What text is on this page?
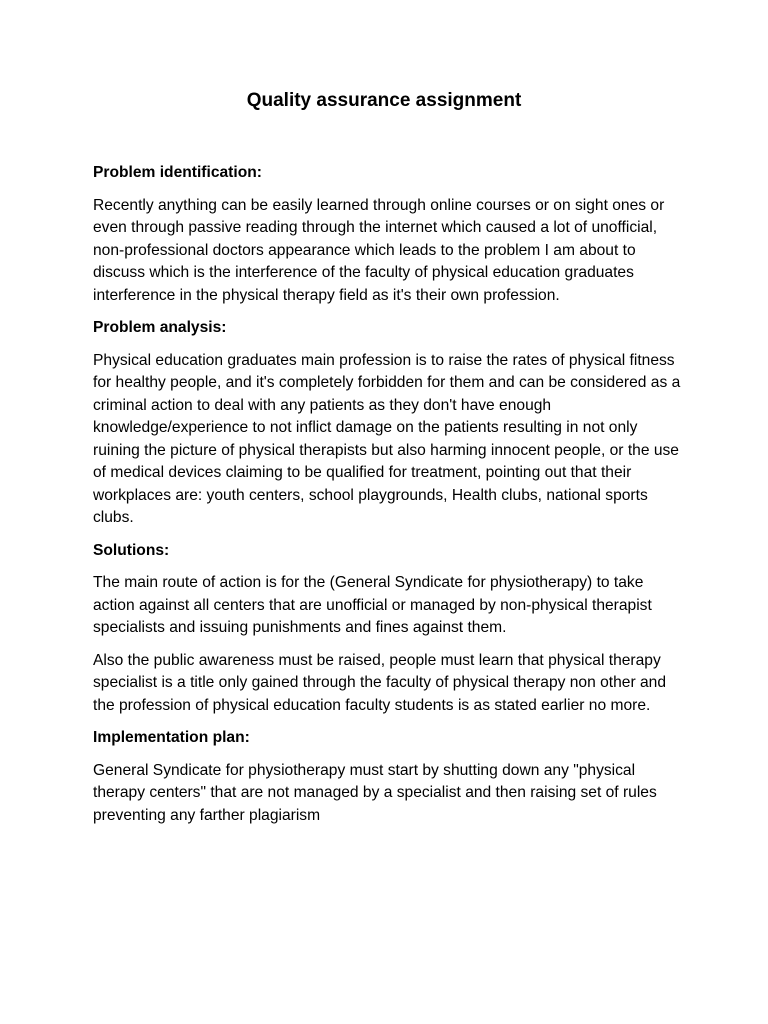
Quality assurance assignment

Problem identification:

Recently anything can be easily learned through online courses or on sight ones or even through passive reading through the internet which caused a lot of unofficial, non-professional doctors appearance which leads to the problem I am about to discuss which is the interference of the faculty of physical education graduates interference in the physical therapy field as it's their own profession.

Problem analysis:

Physical education graduates main profession is to raise the rates of physical fitness for healthy people, and it's completely forbidden for them and can be considered as a criminal action to deal with any patients as they don't have enough knowledge/experience to not inflict damage on the patients resulting in not only ruining the picture of physical therapists but also harming innocent people, or the use of medical devices claiming to be qualified for treatment, pointing out that their workplaces are: youth centers, school playgrounds, Health clubs, national sports clubs.

Solutions:

The main route of action is for the (General Syndicate for physiotherapy) to take action against all centers that are unofficial or managed by non-physical therapist specialists and issuing punishments and fines against them.

Also the public awareness must be raised, people must learn that physical therapy specialist is a title only gained through the faculty of physical therapy non other and the profession of physical education faculty students is as stated earlier no more.

Implementation plan:

General Syndicate for physiotherapy must start by shutting down any "physical therapy centers" that are not managed by a specialist and then raising set of rules preventing any farther plagiarism
